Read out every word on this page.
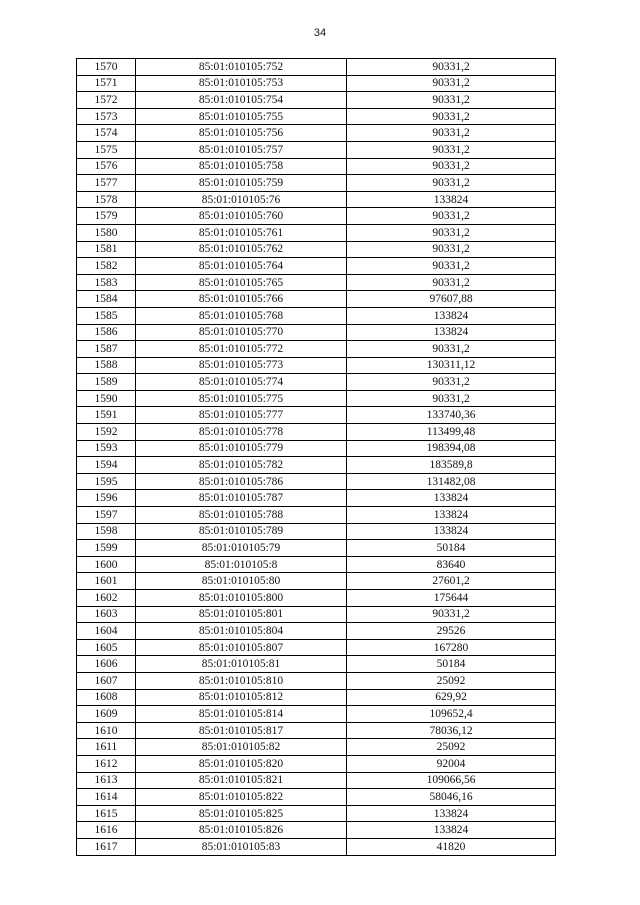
34
1570	85:01:010105:752	90331,2
1571	85:01:010105:753	90331,2
1572	85:01:010105:754	90331,2
1573	85:01:010105:755	90331,2
1574	85:01:010105:756	90331,2
1575	85:01:010105:757	90331,2
1576	85:01:010105:758	90331,2
1577	85:01:010105:759	90331,2
1578	85:01:010105:76	133824
1579	85:01:010105:760	90331,2
1580	85:01:010105:761	90331,2
1581	85:01:010105:762	90331,2
1582	85:01:010105:764	90331,2
1583	85:01:010105:765	90331,2
1584	85:01:010105:766	97607,88
1585	85:01:010105:768	133824
1586	85:01:010105:770	133824
1587	85:01:010105:772	90331,2
1588	85:01:010105:773	130311,12
1589	85:01:010105:774	90331,2
1590	85:01:010105:775	90331,2
1591	85:01:010105:777	133740,36
1592	85:01:010105:778	113499,48
1593	85:01:010105:779	198394,08
1594	85:01:010105:782	183589,8
1595	85:01:010105:786	131482,08
1596	85:01:010105:787	133824
1597	85:01:010105:788	133824
1598	85:01:010105:789	133824
1599	85:01:010105:79	50184
1600	85:01:010105:8	83640
1601	85:01:010105:80	27601,2
1602	85:01:010105:800	175644
1603	85:01:010105:801	90331,2
1604	85:01:010105:804	29526
1605	85:01:010105:807	167280
1606	85:01:010105:81	50184
1607	85:01:010105:810	25092
1608	85:01:010105:812	629,92
1609	85:01:010105:814	109652,4
1610	85:01:010105:817	78036,12
1611	85:01:010105:82	25092
1612	85:01:010105:820	92004
1613	85:01:010105:821	109066,56
1614	85:01:010105:822	58046,16
1615	85:01:010105:825	133824
1616	85:01:010105:826	133824
1617	85:01:010105:83	41820
